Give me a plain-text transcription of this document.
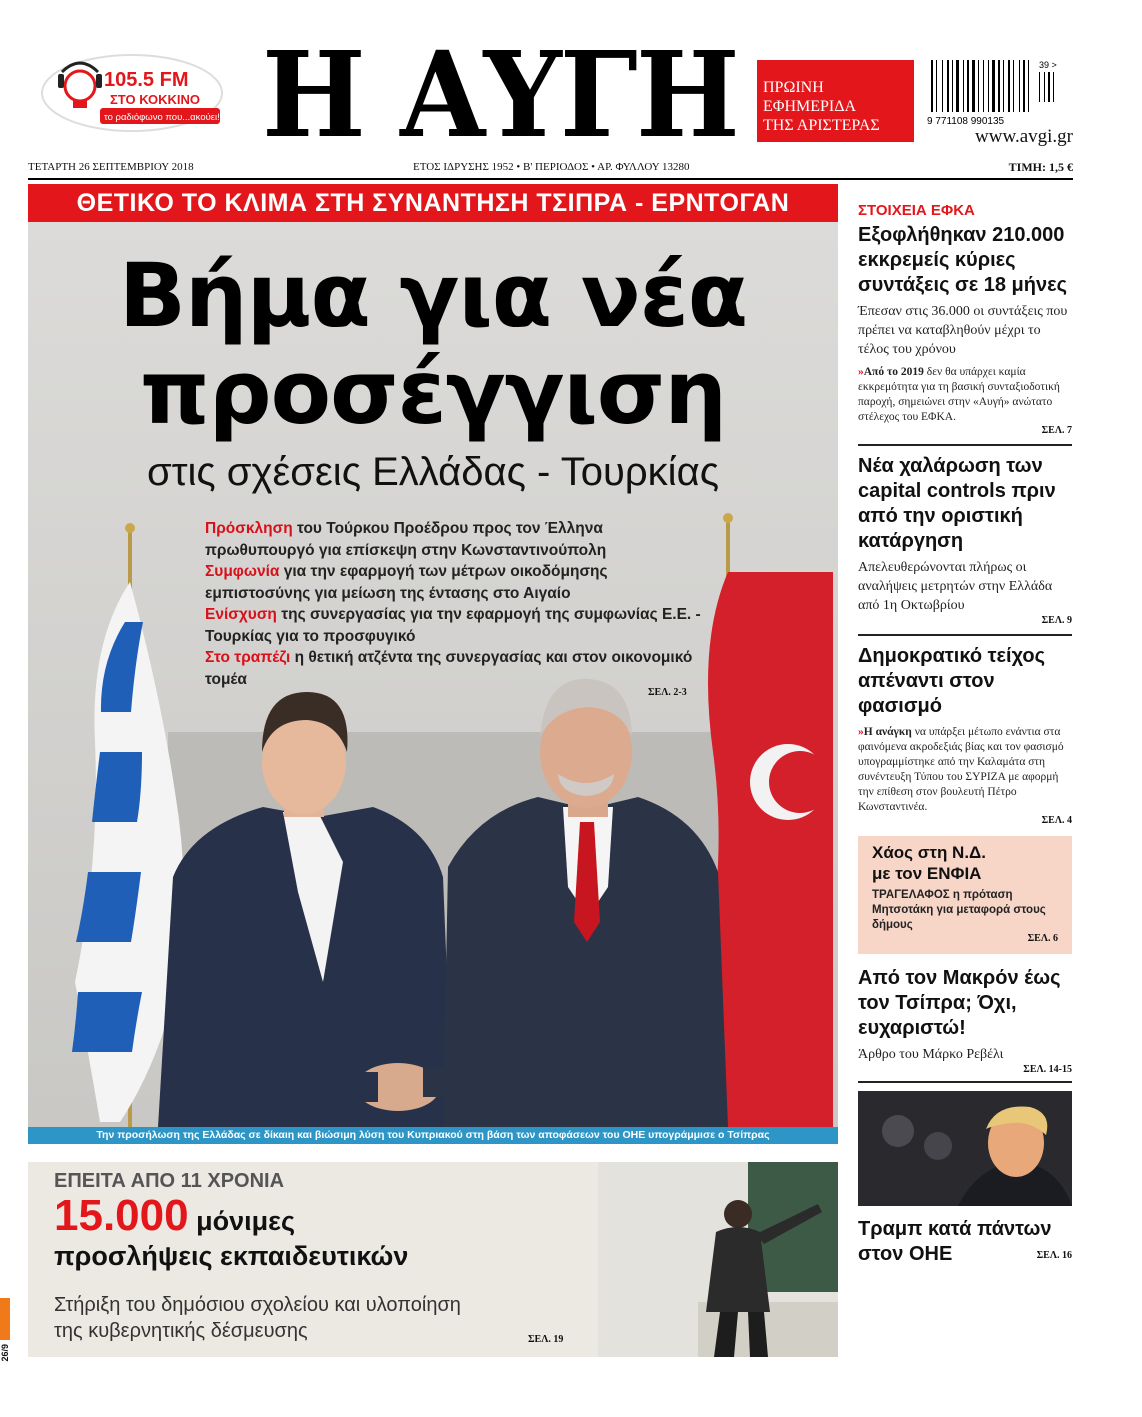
105.5 FM
ΣΤΟ ΚΟΚΚΙΝΟ
το ραδιόφωνο που...ακούει! Η ΑΥΓΗ ΠΡΩΙΝΗ
ΕΦΗΜΕΡΙΔΑ
ΤΗΣ ΑΡΙΣΤΕΡΑΣ	9 771108 990135
39 >
www.avgi.gr
ΤΕΤΑΡΤΗ 26 ΣΕΠΤΕΜΒΡΙΟΥ 2018	ΕΤΟΣ ΙΔΡΥΣΗΣ 1952 • Β' ΠΕΡΙΟΔΟΣ • ΑΡ. ΦΥΛΛΟΥ 13280	ΤΙΜΗ: 1,5 €
ΘΕΤΙΚΟ ΤΟ ΚΛΙΜΑ ΣΤΗ ΣΥΝΑΝΤΗΣΗ ΤΣΙΠΡΑ - ΕΡΝΤΟΓΑΝ
Βήμα για νέα
προσέγγιση
στις σχέσεις Ελλάδας - Τουρκίας
Πρόσκληση του Τούρκου Προέδρου προς τον Έλληνα πρωθυπουργό για επίσκεψη στην Κωνσταντινούπολη
Συμφωνία για την εφαρμογή των μέτρων οικοδόμησης εμπιστοσύνης για μείωση της έντασης στο Αιγαίο
Ενίσχυση της συνεργασίας για την εφαρμογή της συμφωνίας Ε.Ε. - Τουρκίας για το προσφυγικό
Στο τραπέζι η θετική ατζέντα της συνεργασίας και στον οικονομικό τομέα
ΣΕΛ. 2-3
Την προσήλωση της Ελλάδας σε δίκαιη και βιώσιμη λύση του Κυπριακού στη βάση των αποφάσεων του ΟΗΕ υπογράμμισε ο Τσίπρας
ΕΠΕΙΤΑ ΑΠΟ 11 ΧΡΟΝΙΑ
15.000 μόνιμες
προσλήψεις εκπαιδευτικών
Στήριξη του δημόσιου σχολείου και υλοποίηση
της κυβερνητικής δέσμευσης	ΣΕΛ. 19
ΣΤΟΙΧΕΙΑ ΕΦΚΑ
Εξοφλήθηκαν 210.000 εκκρεμείς κύριες συντάξεις σε 18 μήνες
Έπεσαν στις 36.000 οι συντάξεις που πρέπει να καταβληθούν μέχρι το τέλος του χρόνου
»Από το 2019 δεν θα υπάρχει καμία εκκρεμότητα για τη βασική συνταξιοδοτική παροχή, σημειώνει στην «Αυγή» ανώτατο στέλεχος του ΕΦΚΑ.
ΣΕΛ. 7
Νέα χαλάρωση των capital controls πριν από την οριστική κατάργηση
Απελευθερώνονται πλήρως οι αναλήψεις μετρητών στην Ελλάδα από 1η Οκτωβρίου
ΣΕΛ. 9
Δημοκρατικό τείχος απέναντι στον φασισμό
»Η ανάγκη να υπάρξει μέτωπο ενάντια στα φαινόμενα ακροδεξιάς βίας και τον φασισμό υπογραμμίστηκε από την Καλαμάτα στη συνέντευξη Τύπου του ΣΥΡΙΖΑ με αφορμή την επίθεση στον βουλευτή Πέτρο Κωνσταντινέα.
ΣΕΛ. 4
Χάος στη Ν.Δ.
με τον ΕΝΦΙΑ
ΤΡΑΓΕΛΑΦΟΣ η πρόταση Μητσοτάκη για μεταφορά στους δήμους
ΣΕΛ. 6
Από τον Μακρόν έως τον Τσίπρα; Όχι, ευχαριστώ!
Άρθρο του Μάρκο Ρεβέλι
ΣΕΛ. 14-15
Τραμπ κατά πάντων
στον ΟΗΕ	ΣΕΛ. 16
26/9
